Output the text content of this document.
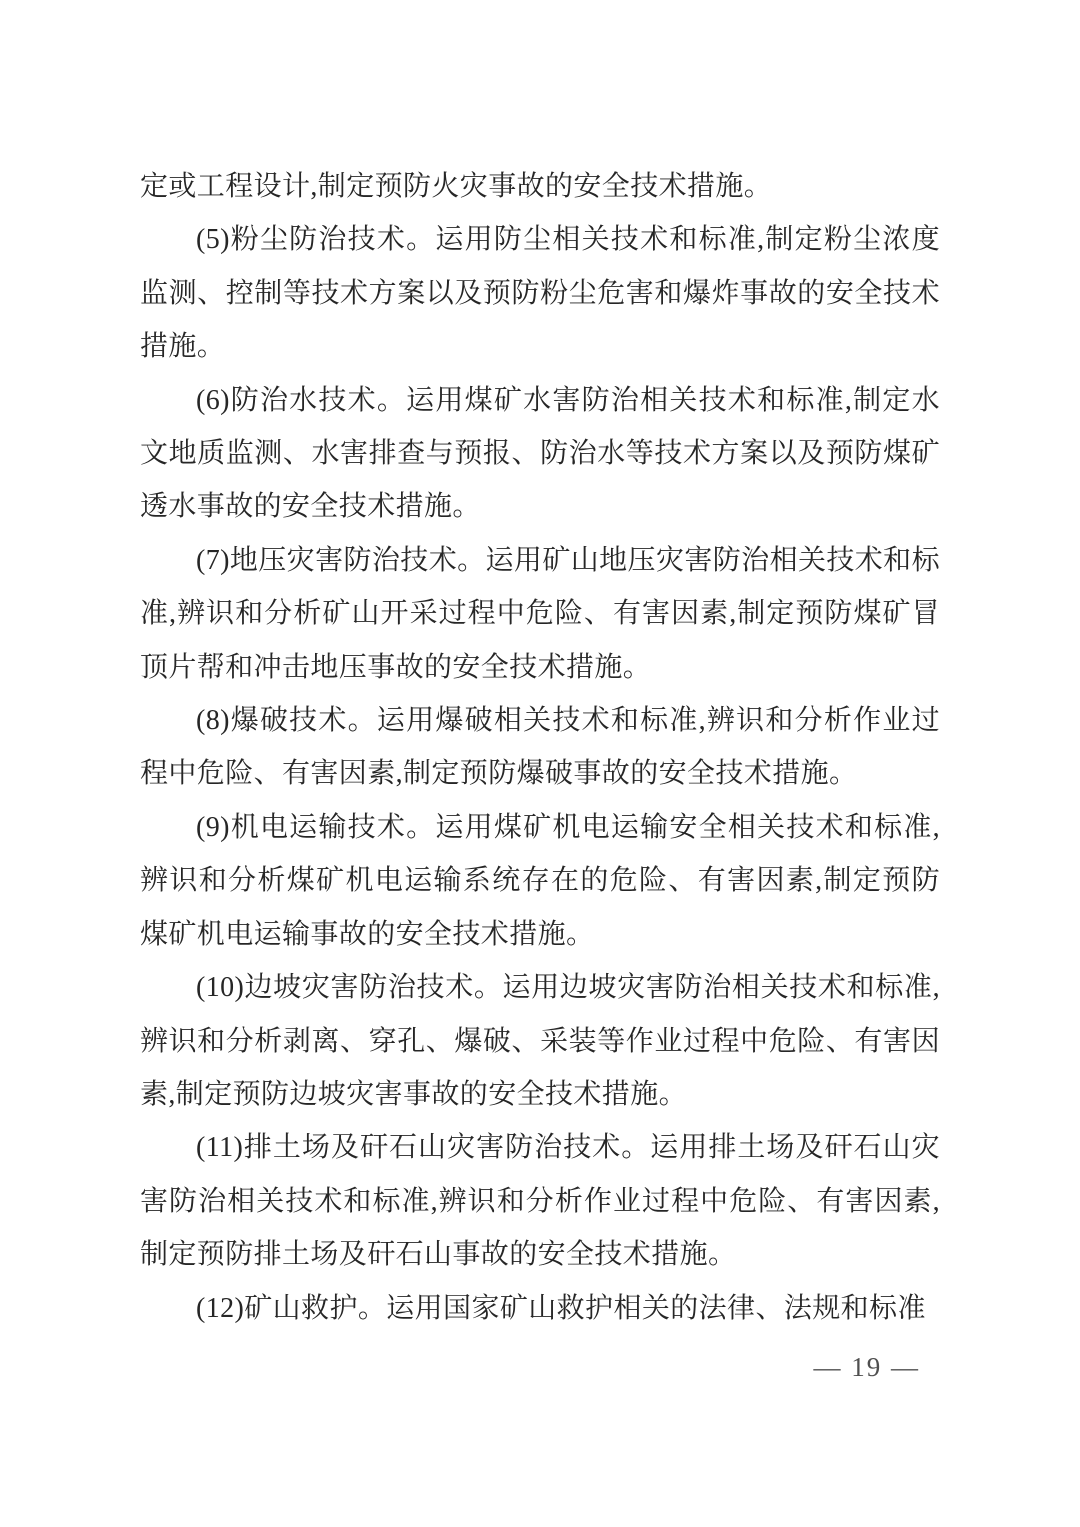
定或工程设计,制定预防火灾事故的安全技术措施。

(5)粉尘防治技术。运用防尘相关技术和标准,制定粉尘浓度监测、控制等技术方案以及预防粉尘危害和爆炸事故的安全技术措施。

(6)防治水技术。运用煤矿水害防治相关技术和标准,制定水文地质监测、水害排查与预报、防治水等技术方案以及预防煤矿透水事故的安全技术措施。

(7)地压灾害防治技术。运用矿山地压灾害防治相关技术和标准,辨识和分析矿山开采过程中危险、有害因素,制定预防煤矿冒顶片帮和冲击地压事故的安全技术措施。

(8)爆破技术。运用爆破相关技术和标准,辨识和分析作业过程中危险、有害因素,制定预防爆破事故的安全技术措施。

(9)机电运输技术。运用煤矿机电运输安全相关技术和标准,辨识和分析煤矿机电运输系统存在的危险、有害因素,制定预防煤矿机电运输事故的安全技术措施。

(10)边坡灾害防治技术。运用边坡灾害防治相关技术和标准,辨识和分析剥离、穿孔、爆破、采装等作业过程中危险、有害因素,制定预防边坡灾害事故的安全技术措施。

(11)排土场及矸石山灾害防治技术。运用排土场及矸石山灾害防治相关技术和标准,辨识和分析作业过程中危险、有害因素,制定预防排土场及矸石山事故的安全技术措施。

(12)矿山救护。运用国家矿山救护相关的法律、法规和标准

— 19 —
